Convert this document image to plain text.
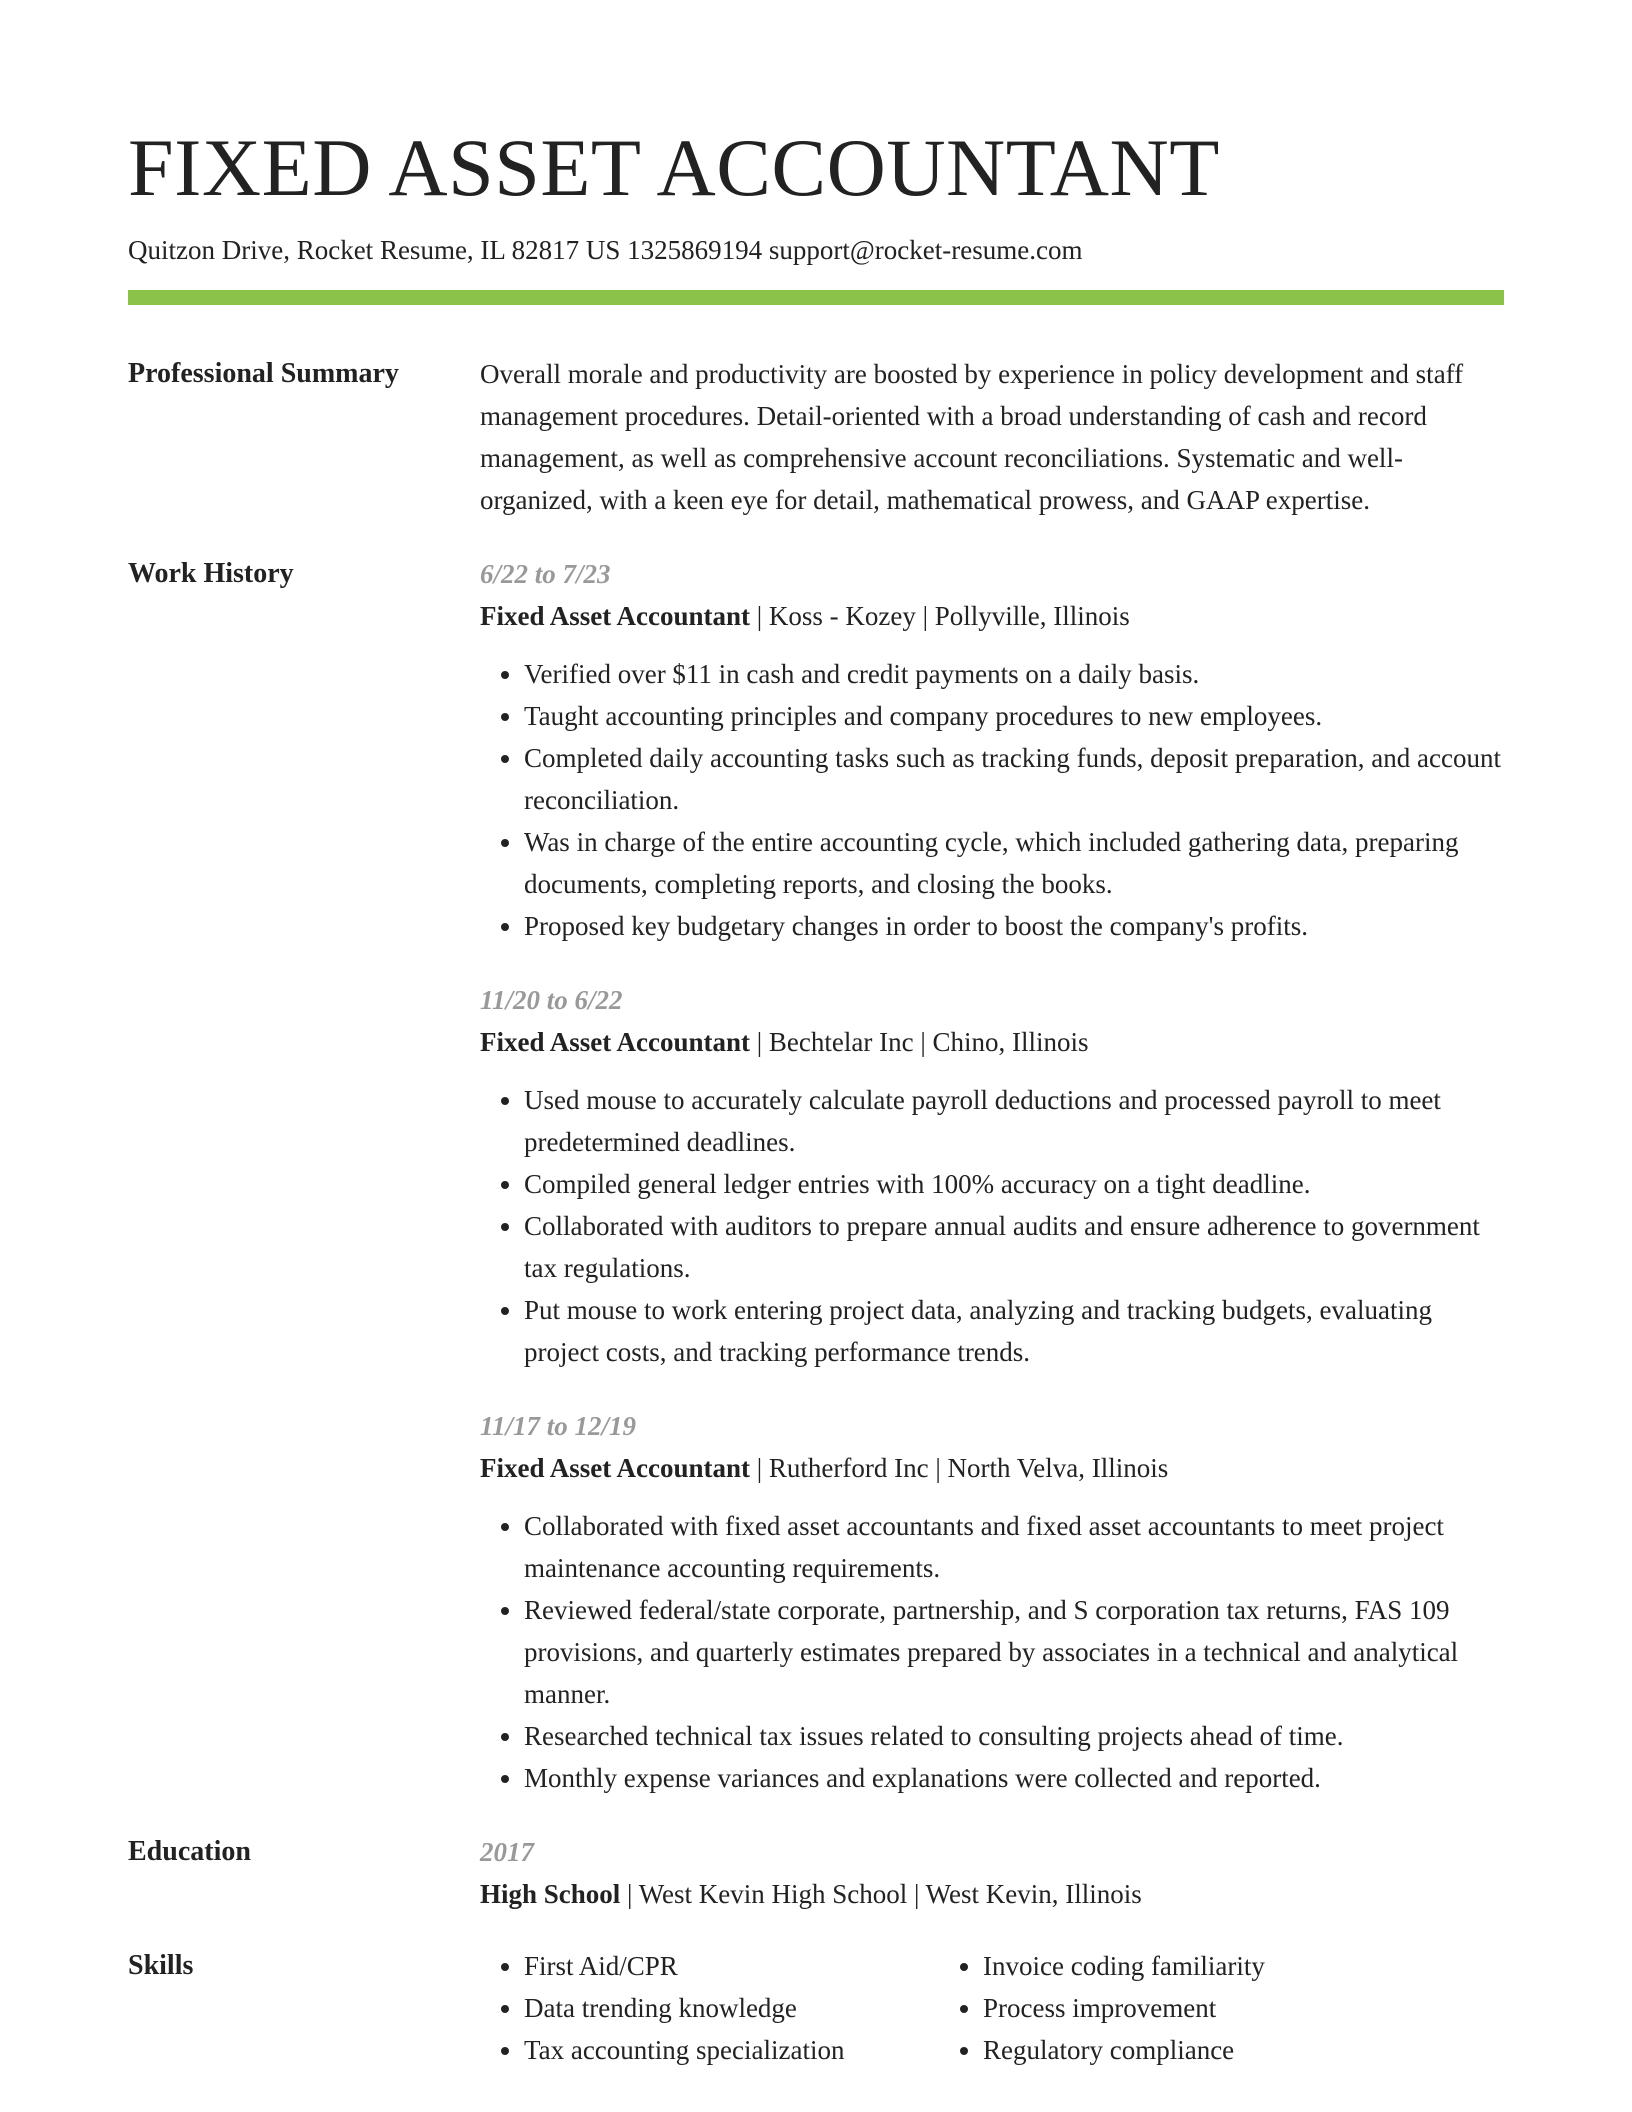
FIXED ASSET ACCOUNTANT
Quitzon Drive, Rocket Resume, IL 82817 US 1325869194 support@rocket-resume.com
Professional Summary	Overall morale and productivity are boosted by experience in policy development and staff management procedures. Detail-oriented with a broad understanding of cash and record management, as well as comprehensive account reconciliations. Systematic and well-organized, with a keen eye for detail, mathematical prowess, and GAAP expertise.
Work History	6/22 to 7/23
Fixed Asset Accountant | Koss - Kozey | Pollyville, Illinois
• Verified over $11 in cash and credit payments on a daily basis.
• Taught accounting principles and company procedures to new employees.
• Completed daily accounting tasks such as tracking funds, deposit preparation, and account reconciliation.
• Was in charge of the entire accounting cycle, which included gathering data, preparing documents, completing reports, and closing the books.
• Proposed key budgetary changes in order to boost the company's profits.
11/20 to 6/22
Fixed Asset Accountant | Bechtelar Inc | Chino, Illinois
• Used mouse to accurately calculate payroll deductions and processed payroll to meet predetermined deadlines.
• Compiled general ledger entries with 100% accuracy on a tight deadline.
• Collaborated with auditors to prepare annual audits and ensure adherence to government tax regulations.
• Put mouse to work entering project data, analyzing and tracking budgets, evaluating project costs, and tracking performance trends.
11/17 to 12/19
Fixed Asset Accountant | Rutherford Inc | North Velva, Illinois
• Collaborated with fixed asset accountants and fixed asset accountants to meet project maintenance accounting requirements.
• Reviewed federal/state corporate, partnership, and S corporation tax returns, FAS 109 provisions, and quarterly estimates prepared by associates in a technical and analytical manner.
• Researched technical tax issues related to consulting projects ahead of time.
• Monthly expense variances and explanations were collected and reported.
Education	2017
High School | West Kevin High School | West Kevin, Illinois
Skills
•	First Aid/CPR
• Data trending knowledge
• Tax accounting specialization
• Invoice coding familiarity
• Process improvement
• Regulatory compliance
